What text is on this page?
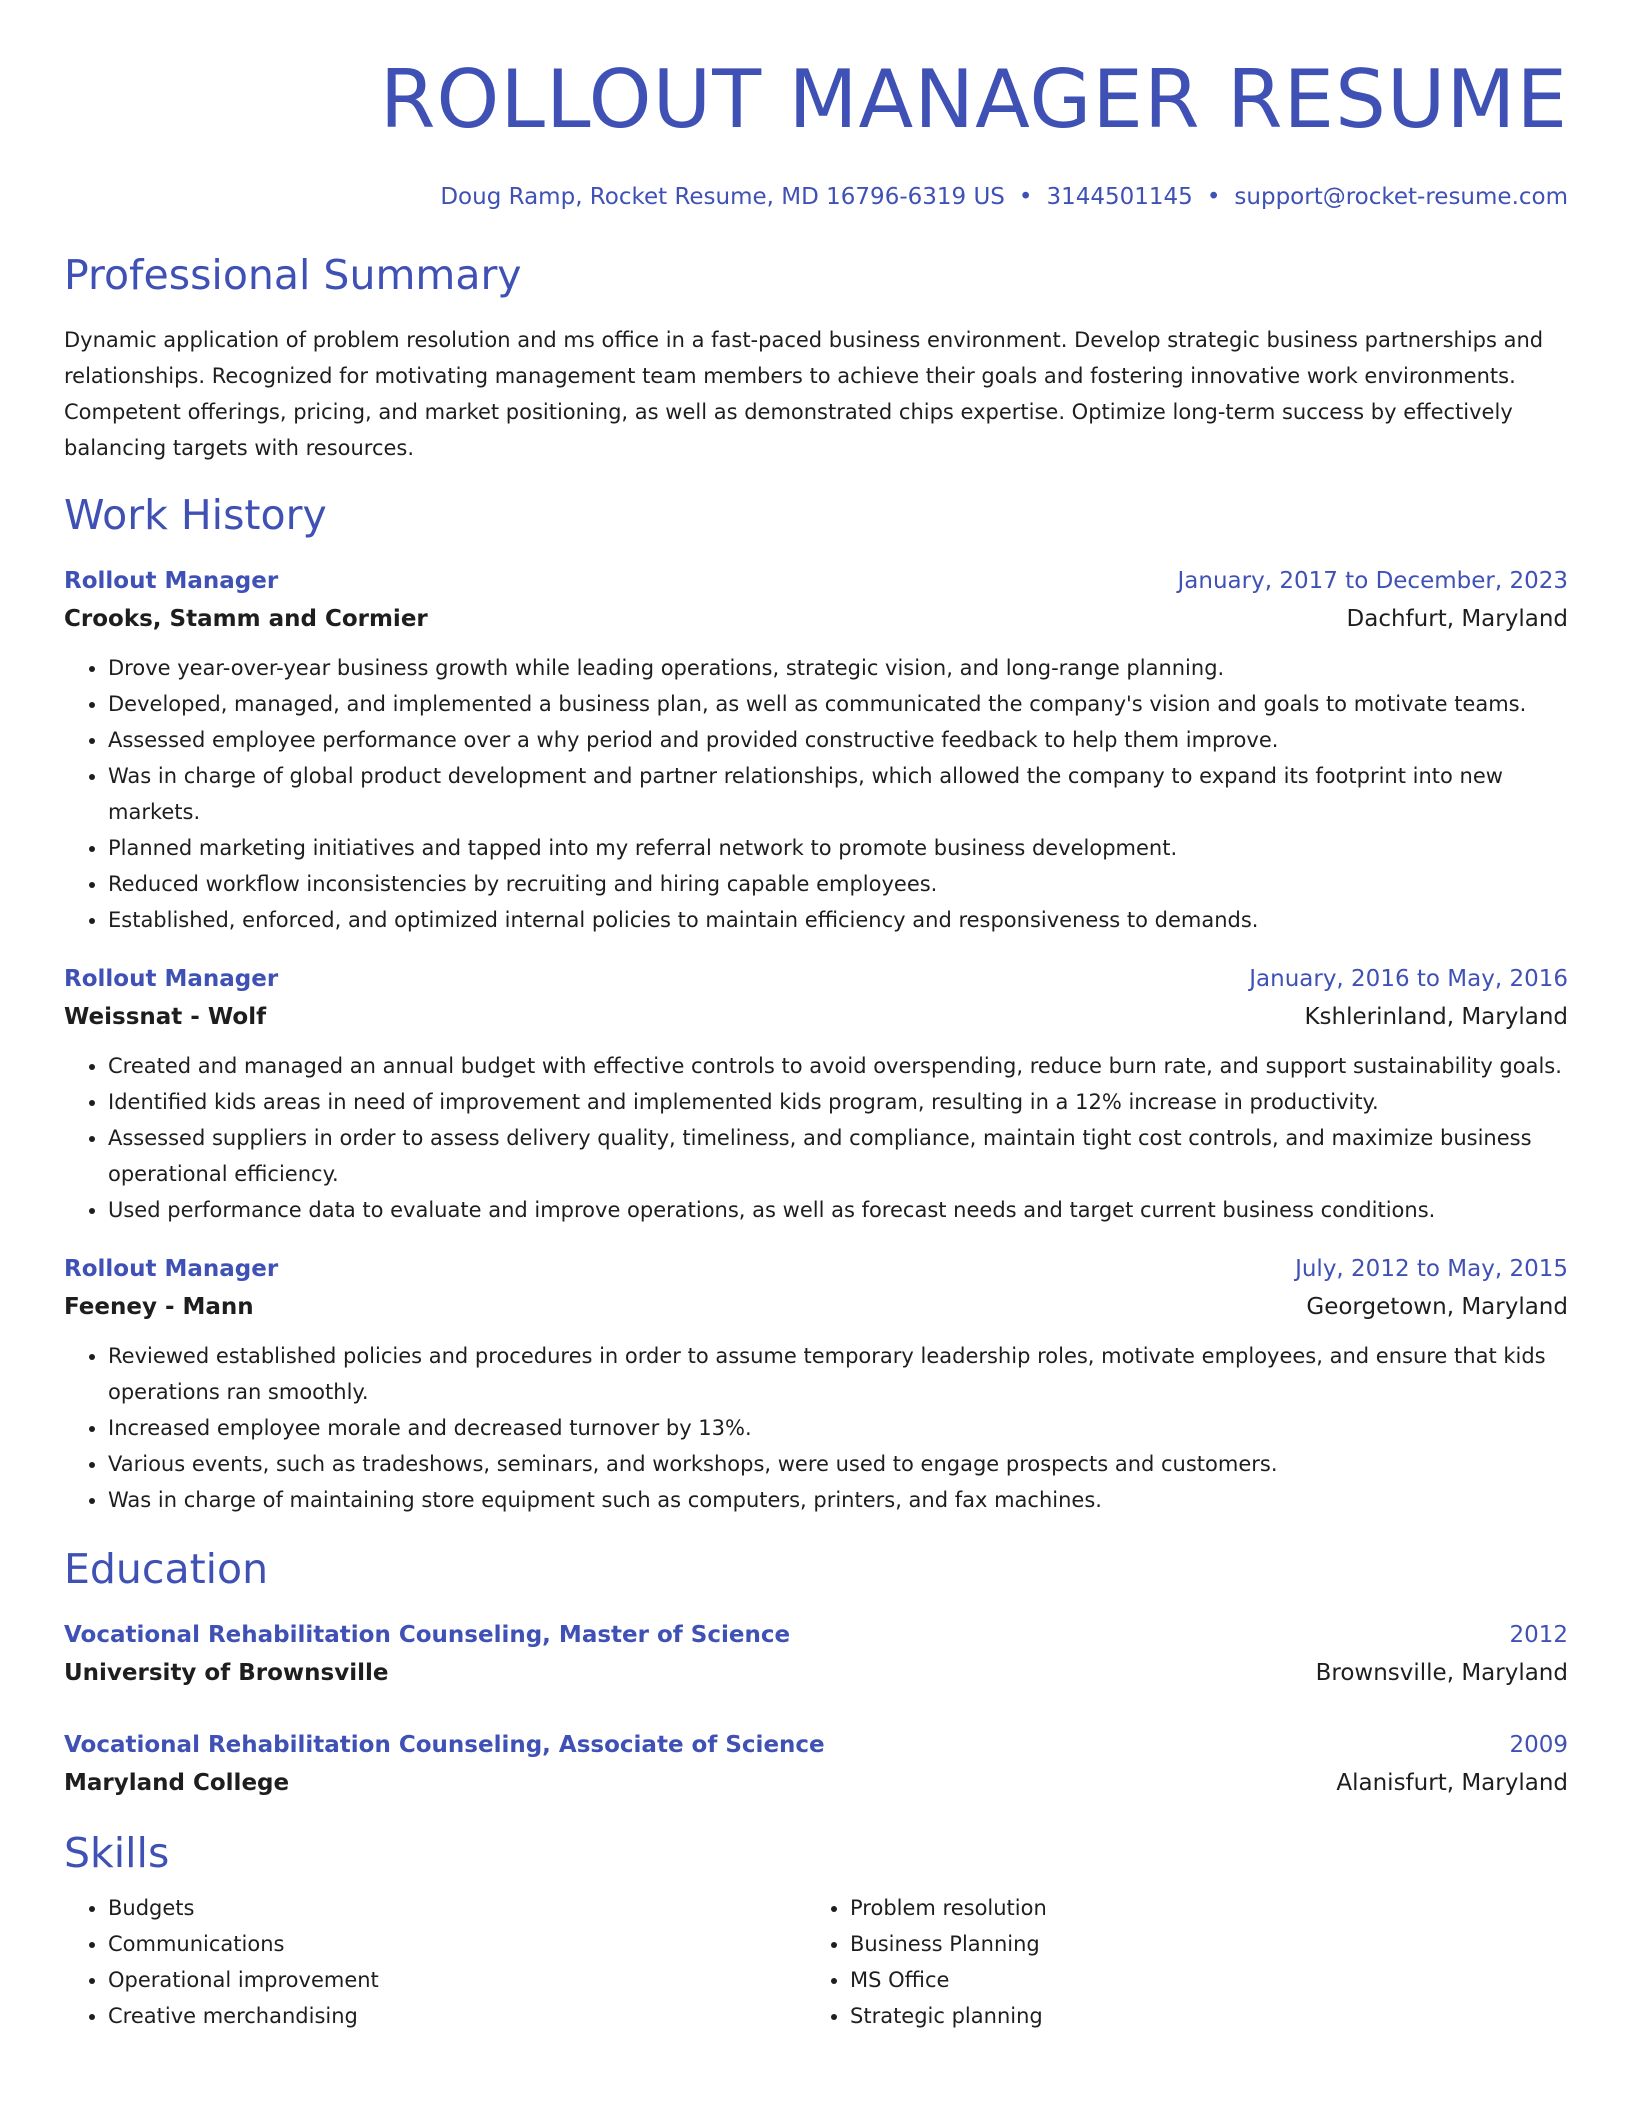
ROLLOUT MANAGER RESUME
Doug Ramp, Rocket Resume, MD 16796-6319 US • 3144501145 • support@rocket-resume.com
Professional Summary

Dynamic application of problem resolution and ms office in a fast-paced business environment. Develop strategic business partnerships and relationships. Recognized for motivating management team members to achieve their goals and fostering innovative work environments. Competent offerings, pricing, and market positioning, as well as demonstrated chips expertise. Optimize long-term success by effectively balancing targets with resources.

Work History
Rollout Manager	January, 2017 to December, 2023
Crooks, Stamm and Cormier	Dachfurt, Maryland
• Drove year-over-year business growth while leading operations, strategic vision, and long-range planning.
• Developed, managed, and implemented a business plan, as well as communicated the company's vision and goals to motivate teams.
• Assessed employee performance over a why period and provided constructive feedback to help them improve.
• Was in charge of global product development and partner relationships, which allowed the company to expand its footprint into new markets.
• Planned marketing initiatives and tapped into my referral network to promote business development.
• Reduced workflow inconsistencies by recruiting and hiring capable employees.
• Established, enforced, and optimized internal policies to maintain efficiency and responsiveness to demands.
Rollout Manager	January, 2016 to May, 2016
Weissnat - Wolf	Kshlerinland, Maryland
• Created and managed an annual budget with effective controls to avoid overspending, reduce burn rate, and support sustainability goals.
• Identified kids areas in need of improvement and implemented kids program, resulting in a 12% increase in productivity.
• Assessed suppliers in order to assess delivery quality, timeliness, and compliance, maintain tight cost controls, and maximize business operational efficiency.
• Used performance data to evaluate and improve operations, as well as forecast needs and target current business conditions.
Rollout Manager	July, 2012 to May, 2015
Feeney - Mann	Georgetown, Maryland
• Reviewed established policies and procedures in order to assume temporary leadership roles, motivate employees, and ensure that kids operations ran smoothly.
• Increased employee morale and decreased turnover by 13%.
• Various events, such as tradeshows, seminars, and workshops, were used to engage prospects and customers.
• Was in charge of maintaining store equipment such as computers, printers, and fax machines.
Education
Vocational Rehabilitation Counseling, Master of Science	2012
University of Brownsville	Brownsville, Maryland
Vocational Rehabilitation Counseling, Associate of Science	2009
Maryland College	Alanisfurt, Maryland
Skills
• Budgets
• Communications
• Operational improvement
• Creative merchandising
• Problem resolution
• Business Planning
• MS Office
• Strategic planning
